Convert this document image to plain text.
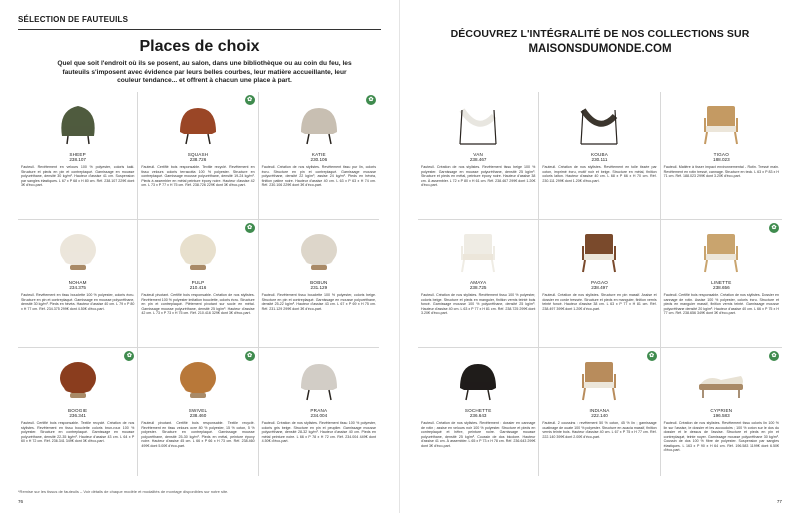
SÉLECTION DE FAUTEUILS
Places de choix
Quel que soit l'endroit où ils se posent, au salon, dans une bibliothèque ou au coin du feu, les fauteuils s'imposent avec évidence par leurs belles courbes, leur matière accueillante, leur couleur tendance... et offrent à chacun une place à part.
SHEEP
238.107
Fauteuil. Revêtement en velours 100 % polyester, coloris kaki. Structure et pieds en pin et contreplaqué. Garnissage en mousse polyuréthane, densité 30 kg/m³. Hauteur d'assise 41 cm. Suspension par sangles élastiques. L 67 x P 68 x H 80 cm. Réf. 238.107 229€ dont 3€ d'éco-part.
✿
SQUASH
238.726
Fauteuil. Certifié bois responsable. Textile recyclé. Revêtement en tissu velours coloris terracotta 100 % polyester. Structure en contreplaqué. Garnissage mousse polyuréthane, densité 19-24 kg/m³. Pieds à assembler en métal peinture époxy noire. Hauteur d'assise 42 cm. L 73 x P 77 x H 75 cm. Réf. 238.726 229€ dont 3€ d'éco-part.
✿
KATIE
230.106
Fauteuil. Création de nos stylistes. Revêtement tissu pur lin, coloris écru. Structure en pin et contreplaqué. Garnissage mousse polyuréthane, densité 22 kg/m³, assise 24 kg/m³. Pieds en hévéa, finition patine noire. Hauteur d'assise 40 cm. L 63 x P 63 x H 74 cm. Réf. 230.106 229€ dont 3€ d'éco-part.
NOHAM
234.375
Fauteuil. Revêtement en tissu bouclette 100 % polyester, coloris écru. Structure en pin et contreplaqué. Garnissage en mousse polyuréthane, densité 30 kg/m³. Pieds en hévéa. Hauteur d'assise 40 cm. L 79 x P 80 x H 77 cm. Réf. 234.375 299€ dont 4.50€ d'éco-part.
✿
PULP
210.416
Fauteuil pivotant. Certifié bois responsable. Création de nos stylistes. Revêtement 100 % polyester imitation bouclette, coloris écru. Structure en pin et contreplaqué. Piétement pivotant sur socle en métal. Garnissage mousse polyuréthane, densité 25 kg/m³. Hauteur d'assise 42 cm. L 73 x P 73 x H 75 cm. Réf. 210.416 329€ dont 3€ d'éco-part.
BOBUN
231.129
Fauteuil. Revêtement tissu bouclette 100 % polyester, coloris beige. Structure en pin et contreplaqué. Garnissage en mousse polyuréthane, densité 25-22 kg/m³. Hauteur d'assise 43 cm. L 67 x P 69 x H 75 cm. Réf. 231.129 299€ dont 3€ d'éco-part.
✿
BOOGIE
236.341
Fauteuil. Certifié bois responsable. Textile recyclé. Création de nos stylistes. Revêtement en tissu bouclette coloris brun-roux 100 % polyester. Structure en contreplaqué. Garnissage en mousse polyuréthane, densité 22-35 kg/m³. Hauteur d'assise 43 cm. L 64 x P 60 x H 72 cm. Réf. 236.341 349€ dont 3€ d'éco-part.
✿
SWIVEL
238.460
Fauteuil pivotant. Certifié bois responsable. Textile recyclé. Revêtement en tissu velours ocre 80 % polyester, 15 % coton, 5 % polyester. Structure en contreplaqué. Garnissage mousse polyuréthane, densité 25-30 kg/m³. Pieds en métal, peinture époxy noire. Hauteur d'assise 45 cm. L 66 x P 66 x H 73 cm. Réf. 238.460 499€ dont 5.00€ d'éco-part.
PRANA
234.004
Fauteuil. Création de nos stylistes. Revêtement tissu 100 % polyester, coloris gris beige. Structure en pin et peuplier. Garnissage mousse polyuréthane, densité 28-32 kg/m³. Hauteur d'assise 40 cm. Pieds en métal peinture noire. L 66 x P 78 x H 72 cm. Réf. 234.004 449€ dont 4.50€ d'éco-part.
*Remise sur les tissus de fauteuils – Voir détails de chaque modèle et modalités de montage disponibles sur notre site.
76
DÉCOUVREZ L'INTÉGRALITÉ DE NOS COLLECTIONS SUR
MAISONSDUMONDE.COM
VAN
238.467
Fauteuil. Création de nos stylistes. Revêtement tissu beige 100 % polyester. Garnissage en mousse polyuréthane, densité 25 kg/m³. Structure et pieds en métal, peinture époxy noire. Hauteur d'assise 38 cm. À assembler. L 72 x P 80 x H 61 cm. Réf. 238.467 299€ dont 1.20€ d'éco-part.
KOUBA
230.111
Fauteuil. Création de nos stylistes. Revêtement en toile tissée par coton, imprimé écru, motif noir et beige. Structure en métal, finition coloris laiton. Hauteur d'assise 40 cm. L 68 x P 66 x H 70 cm. Réf. 230.111 299€ dont 1.20€ d'éco-part.
TIGAO
188.023
Fauteuil. Matière à tisser impact environnemental - Rotin. Tressé main. Revêtement en rotin tressé, cannage. Structure en teck. L 63 x P 83 x H 71 cm. Réf. 188.023 299€ dont 3.20€ d'éco-part.
AMAYA
238.725
Fauteuil. Création de nos stylistes. Revêtement tissu 100 % polyester, coloris beige. Structure et pieds en manguier, finition vernis teinté bois foncé. Garnissage mousse 100 % polyuréthane, densité 25 kg/m³. Hauteur d'assise 40 cm. L 63 x P 77 x H 81 cm. Réf. 238.725 299€ dont 3.20€ d'éco-part.
PAGAO
238.497
Fauteuil. Création de nos stylistes. Structure en pin massif. Assise et dossier en corde tressée. Structure et pieds en manguier, finition vernis teinté foncé. Hauteur d'assise 38 cm. L 63 x P 77 x H 81 cm. Réf. 238.497 399€ dont 1.20€ d'éco-part.
✿
LINETTE
238.656
Fauteuil. Certifié bois responsable. Création de nos stylistes. Dossier en cannage de rotin. Assise 100 % polyester, coloris écru. Structure et pieds en manguier massif, finition vernis teinté. Garnissage mousse polyuréthane densité 20 kg/m³. Hauteur d'assise 40 cm. L 66 x P 75 x H 77 cm. Réf. 238.656 349€ dont 3€ d'éco-part.
SOCHETTE
236.643
Fauteuil. Création de nos stylistes. Revêtement : dossier en cannage de rotin ; assise en velours noir 100 % polyester. Structure et pieds en contreplaqué et hêtre, peinture noire. Garnissage mousse polyuréthane, densité 25 kg/m³. Coussin de dos bicolore. Hauteur d'assise 41 cm. À assembler. L 65 x P 73 x H 78 cm. Réf. 236.643 299€ dont 3€ d'éco-part.
✿
INDIANA
222.140
Fauteuil. 2 coussins : revêtement 50 % coton, 45 % lin ; garnissage ouatinage de ouate 100 % polyester. Structure en acacia massif, finition vernis teinte bois. Hauteur d'assise 40 cm. L 67 x P 75 x H 77 cm. Réf. 222.140 399€ dont 2.00€ d'éco-part.
✿
CYPRIEN
196.583
Fauteuil. Création de nos stylistes. Revêtement tissu coloris lin 100 % lin sur l'assise, le dossier et les accoudoirs ; 100 % coton sur le dos du dossier et le dessus de l'assise. Structure et pieds en pin et contreplaqué, teinte noyer. Garnissage mousse polyuréthane 30 kg/m³. Coussin de dos 100 % fibre de polyester. Suspension par sangles élastiques. L 163 x P 90 x H 64 cm. Réf. 196.583 1199€ dont 6.50€ d'éco-part.
77
